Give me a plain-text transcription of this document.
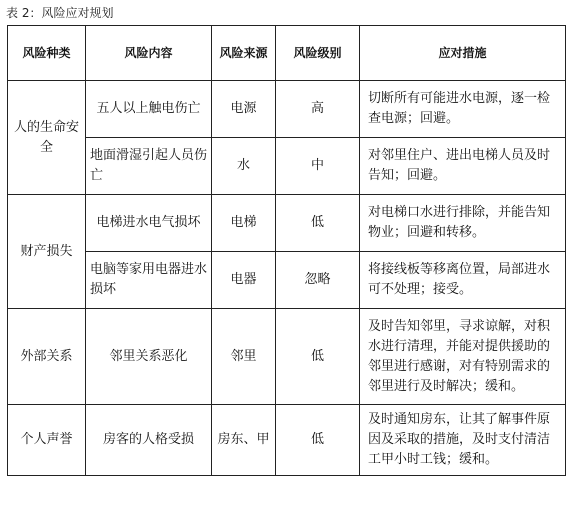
表 2：风险应对规划
风险种类	风险内容	风险来源	风险级别	应对措施
人的生命安全	五人以上触电伤亡	电源	高	切断所有可能进水电源，逐一检查电源；回避。
	地面滑湿引起人员伤亡	水	中	对邻里住户、进出电梯人员及时告知；回避。
财产损失	电梯进水电气损坏	电梯	低	对电梯口水进行排除，并能告知物业；回避和转移。
	电脑等家用电器进水损坏	电器	忽略	将接线板等移离位置，局部进水可不处理；接受。
外部关系	邻里关系恶化	邻里	低	及时告知邻里，寻求谅解，对积水进行清理，并能对提供援助的邻里进行感谢，对有特别需求的邻里进行及时解决；缓和。
个人声誉	房客的人格受损	房东、甲	低	及时通知房东，让其了解事件原因及采取的措施，及时支付清洁工甲小时工钱；缓和。
